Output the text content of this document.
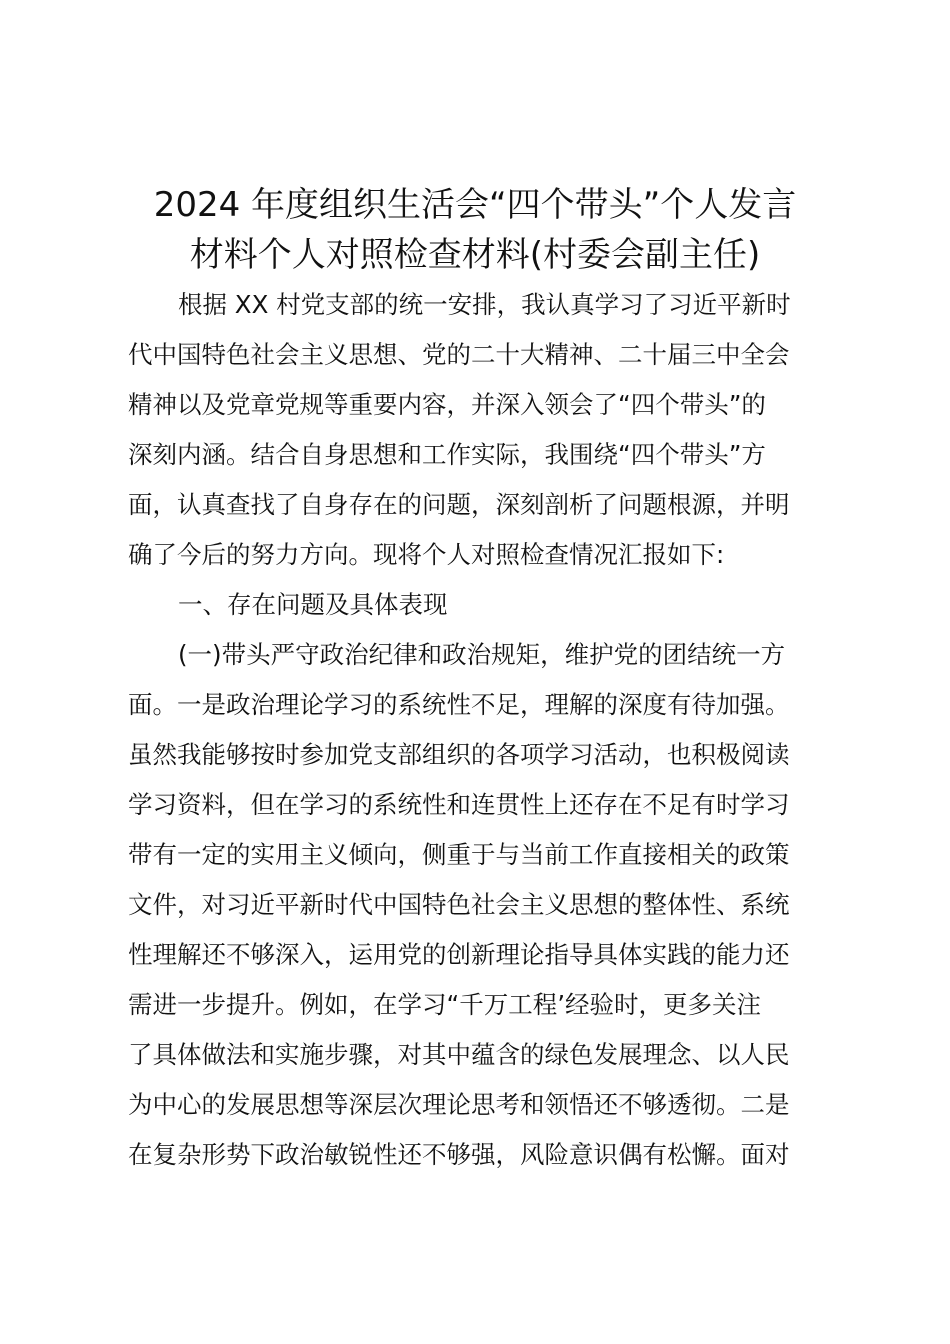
2024 年度组织生活会“四个带头”个人发言
材料个人对照检查材料(村委会副主任)

根据 XX 村党支部的统一安排，我认真学习了习近平新时
代中国特色社会主义思想、党的二十大精神、二十届三中全会
精神以及党章党规等重要内容，并深入领会了“四个带头”的
深刻内涵。结合自身思想和工作实际，我围绕“四个带头”方
面，认真查找了自身存在的问题，深刻剖析了问题根源，并明
确了今后的努力方向。现将个人对照检查情况汇报如下:

一、存在问题及具体表现

(一)带头严守政治纪律和政治规矩，维护党的团结统一方
面。一是政治理论学习的系统性不足，理解的深度有待加强。
虽然我能够按时参加党支部组织的各项学习活动，也积极阅读
学习资料，但在学习的系统性和连贯性上还存在不足有时学习
带有一定的实用主义倾向，侧重于与当前工作直接相关的政策
文件，对习近平新时代中国特色社会主义思想的整体性、系统
性理解还不够深入，运用党的创新理论指导具体实践的能力还
需进一步提升。例如，在学习“千万工程’经验时，更多关注
了具体做法和实施步骤，对其中蕴含的绿色发展理念、以人民
为中心的发展思想等深层次理论思考和领悟还不够透彻。二是
在复杂形势下政治敏锐性还不够强，风险意识偶有松懈。面对
